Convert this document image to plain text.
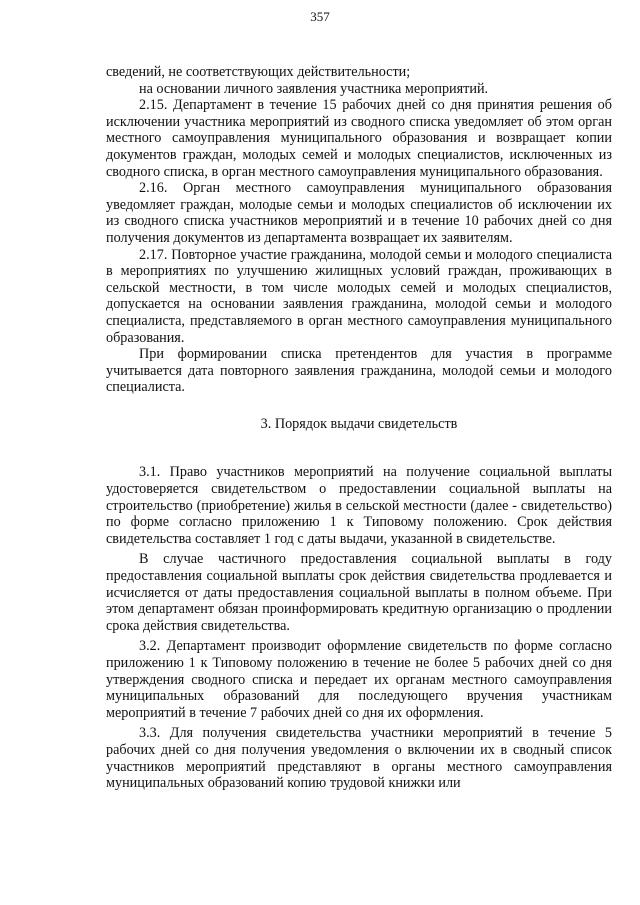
357

сведений, не соответствующих действительности;

на основании личного заявления участника мероприятий.

2.15. Департамент в течение 15 рабочих дней со дня принятия решения об исключении участника мероприятий из сводного списка уведомляет об этом орган местного самоуправления муниципального образования и возвращает копии документов граждан, молодых семей и молодых специалистов, исключенных из сводного списка, в орган местного самоуправления муниципального образования.

2.16. Орган местного самоуправления муниципального образования уведомляет граждан, молодые семьи и молодых специалистов об исключении их из сводного списка участников мероприятий и в течение 10 рабочих дней со дня получения документов из департамента возвращает их заявителям.

2.17. Повторное участие гражданина, молодой семьи и молодого специалиста в мероприятиях по улучшению жилищных условий граждан, проживающих в сельской местности, в том числе молодых семей и молодых специалистов, допускается на основании заявления гражданина, молодой семьи и молодого специалиста, представляемого в орган местного самоуправления муниципального образования.

При формировании списка претендентов для участия в программе учитывается дата повторного заявления гражданина, молодой семьи и молодого специалиста.

3. Порядок выдачи свидетельств

3.1. Право участников мероприятий на получение социальной выплаты удостоверяется свидетельством о предоставлении социальной выплаты на строительство (приобретение) жилья в сельской местности (далее - свидетельство) по форме согласно приложению 1 к Типовому положению. Срок действия свидетельства составляет 1 год с даты выдачи, указанной в свидетельстве.

В случае частичного предоставления социальной выплаты в году предоставления социальной выплаты срок действия свидетельства продлевается и исчисляется от даты предоставления социальной выплаты в полном объеме. При этом департамент обязан проинформировать кредитную организацию о продлении срока действия свидетельства.

3.2. Департамент производит оформление свидетельств по форме согласно приложению 1 к Типовому положению в течение не более 5 рабочих дней со дня утверждения сводного списка и передает их органам местного самоуправления муниципальных образований для последующего вручения участникам мероприятий в течение 7 рабочих дней со дня их оформления.

3.3. Для получения свидетельства участники мероприятий в течение 5 рабочих дней со дня получения уведомления о включении их в сводный список участников мероприятий представляют в органы местного самоуправления муниципальных образований копию трудовой книжки или
